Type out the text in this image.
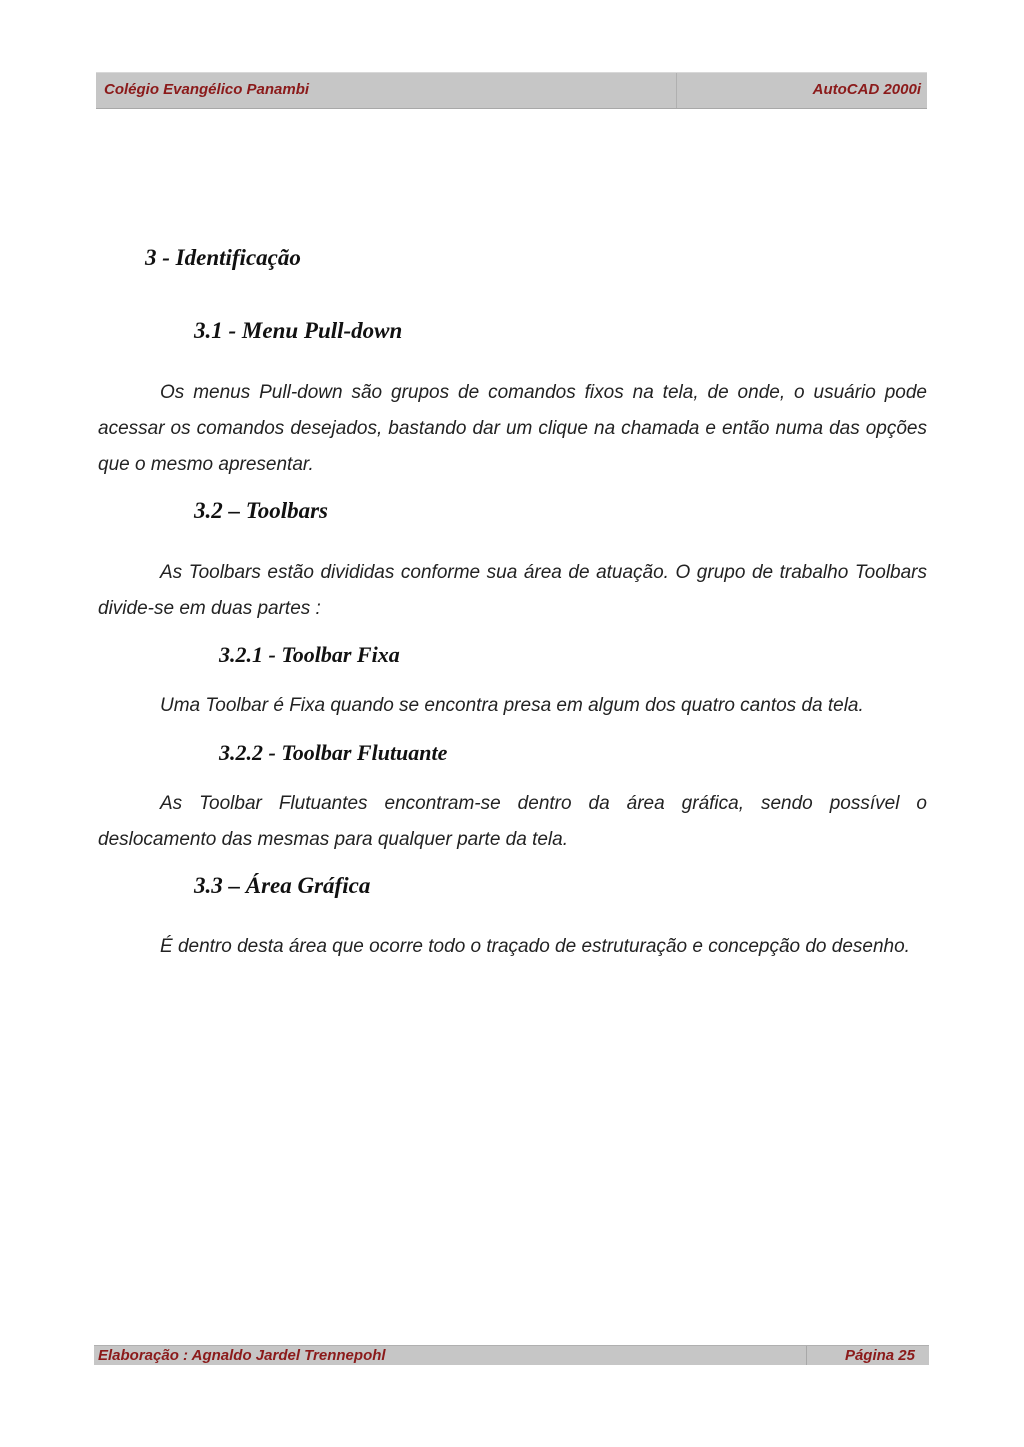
Colégio Evangélico Panambi	AutoCAD 2000i
3 - Identificação
3.1 - Menu Pull-down
Os menus Pull-down são grupos de comandos fixos na tela, de onde, o usuário pode acessar os comandos desejados, bastando dar um clique na chamada e então numa das opções que o mesmo apresentar.
3.2 – Toolbars
As Toolbars estão divididas conforme sua área de atuação. O grupo de trabalho Toolbars divide-se em duas partes :
3.2.1 - Toolbar Fixa
Uma Toolbar é Fixa quando se encontra presa em algum dos quatro cantos da tela.
3.2.2 - Toolbar Flutuante
As Toolbar Flutuantes encontram-se dentro da área gráfica, sendo possível o deslocamento das mesmas para qualquer parte da tela.
3.3 – Área Gráfica
É dentro desta área que ocorre todo o traçado de estruturação e concepção do desenho.
Elaboração : Agnaldo Jardel Trennepohl	Página 25
